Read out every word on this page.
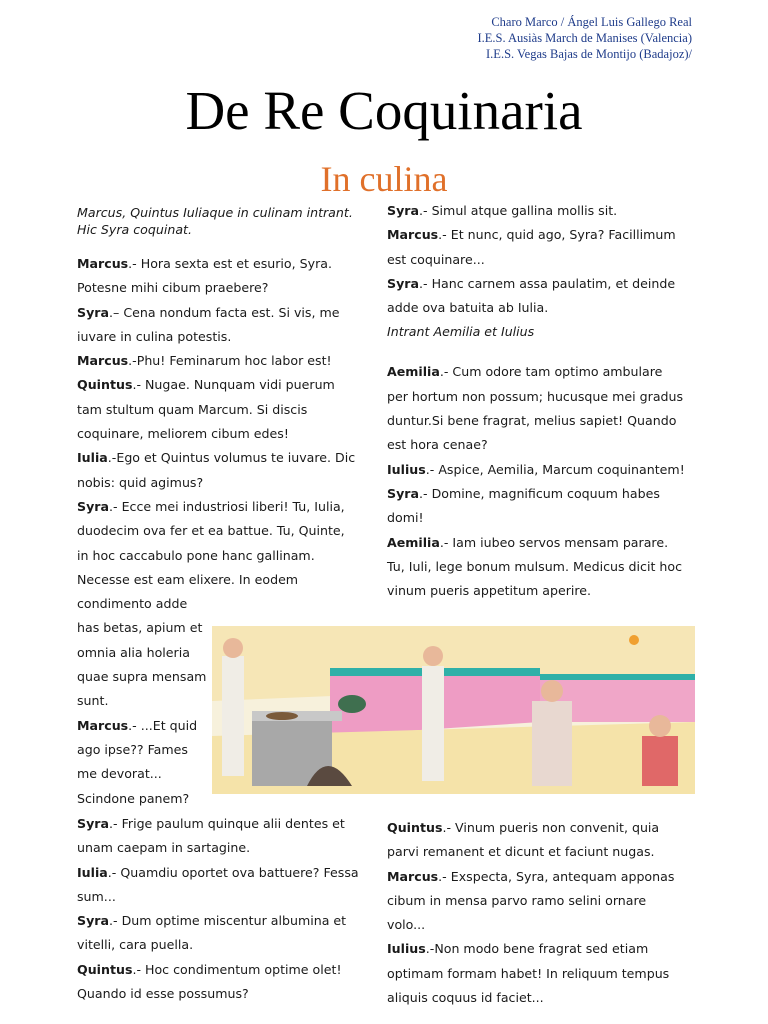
Charo Marco / Ángel Luis Gallego Real
I.E.S. Ausiàs March de Manises (Valencia)
I.E.S. Vegas Bajas de Montijo (Badajoz)/
De Re Coquinaria
In culina

Marcus, Quintus Iuliaque in culinam intrant.
Hic Syra coquinat.

Marcus.- Hora sexta est et esurio, Syra. Potesne mihi cibum praebere?

Syra.– Cena nondum facta est. Si vis, me iuvare in culina potestis.

Marcus.-Phu! Feminarum hoc labor est!

Quintus.- Nugae. Nunquam vidi puerum tam stultum quam Marcum. Si discis coquinare, meliorem cibum edes!

Iulia.-Ego et Quintus volumus te iuvare. Dic nobis: quid agimus?

Syra.- Ecce mei industriosi liberi! Tu, Iulia, duodecim ova fer et ea battue. Tu, Quinte, in hoc caccabulo pone hanc gallinam. Necesse est eam elixere. In eodem condimento adde

has betas, apium et omnia alia holeria quae supra mensam sunt.

Marcus.- ...Et quid ago ipse?? Fames me devorat... Scindone panem?

Syra.- Simul atque gallina mollis sit.

Marcus.- Et nunc, quid ago, Syra? Facillimum est coquinare...

Syra.- Hanc carnem assa paulatim, et deinde adde ova batuita ab Iulia.

Intrant Aemilia et Iulius

Aemilia.- Cum odore tam optimo ambulare per hortum non possum; hucusque mei gradus duntur.Si bene fragrat, melius sapiet! Quando est hora cenae?

Iulius.- Aspice, Aemilia, Marcum coquinantem!

Syra.- Domine, magnificum coquum habes domi!

Aemilia.- Iam iubeo servos mensam parare. Tu, Iuli, lege bonum mulsum. Medicus dicit hoc vinum pueris appetitum aperire.

Syra.- Frige paulum quinque alii dentes et unam caepam in sartagine.

Iulia.- Quamdiu oportet ova battuere? Fessa sum...

Syra.- Dum optime miscentur albumina et vitelli, cara puella.

Quintus.- Hoc condimentum optime olet! Quando id esse possumus?

Quintus.- Vinum pueris non convenit, quia parvi remanent et dicunt et faciunt nugas.

Marcus.- Exspecta, Syra, antequam apponas cibum in mensa parvo ramo selini ornare volo...

Iulius.-Non modo bene fragrat sed etiam optimam formam habet! In reliquum tempus aliquis coquus id faciet...
